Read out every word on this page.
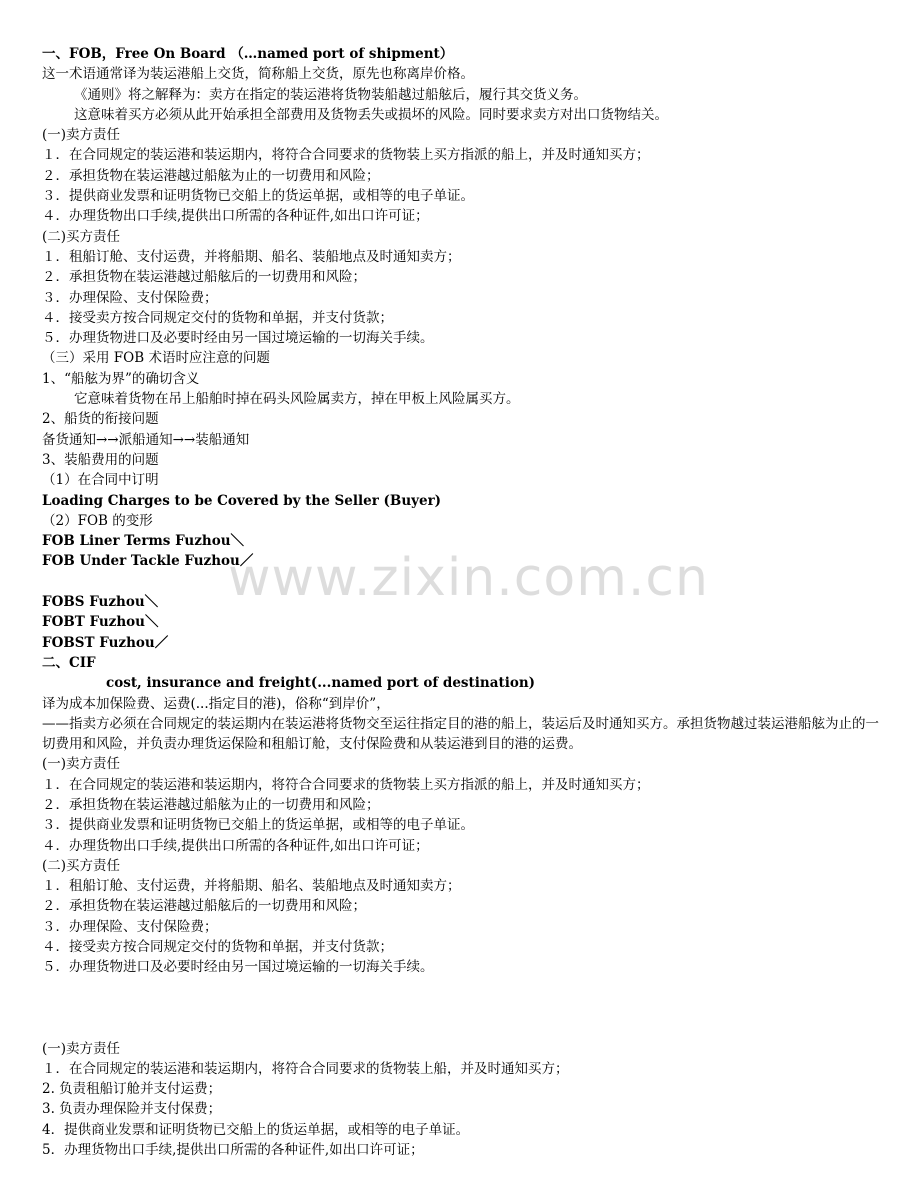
一、FOB，Free On Board （…named port of shipment）
这一术语通常译为装运港船上交货，简称船上交货，原先也称离岸价格。
《通则》将之解释为：卖方在指定的装运港将货物装船越过船舷后，履行其交货义务。
这意味着买方必须从此开始承担全部费用及货物丢失或损坏的风险。同时要求卖方对出口货物结关。
(一)卖方责任
１．在合同规定的装运港和装运期内，将符合合同要求的货物装上买方指派的船上，并及时通知买方；
２．承担货物在装运港越过船舷为止的一切费用和风险；
３．提供商业发票和证明货物已交船上的货运单据，或相等的电子单证。
４．办理货物出口手续,提供出口所需的各种证件,如出口许可证；
(二)买方责任
１．租船订舱、支付运费，并将船期、船名、装船地点及时通知卖方；
２．承担货物在装运港越过船舷后的一切费用和风险；
３．办理保险、支付保险费；
４．接受卖方按合同规定交付的货物和单据，并支付货款；
５．办理货物进口及必要时经由另一国过境运输的一切海关手续。
（三）采用 FOB 术语时应注意的问题
1、“船舷为界”的确切含义
它意味着货物在吊上船舶时掉在码头风险属卖方，掉在甲板上风险属买方。
2、船货的衔接问题
备货通知→→派船通知→→装船通知
3、装船费用的问题
（1）在合同中订明
Loading Charges to be Covered by the Seller (Buyer)
（2）FOB 的变形
FOB Liner Terms Fuzhou＼
FOB Under Tackle Fuzhou／
FOBS Fuzhou＼
FOBT Fuzhou＼
FOBST Fuzhou／
二、CIF
cost, insurance and freight(...named port of destination)
译为成本加保险费、运费(...指定目的港)，俗称“到岸价”，
——指卖方必须在合同规定的装运期内在装运港将货物交至运往指定目的港的船上，装运后及时通知买方。承担货物越过装运港船舷为止的一切费用和风险，并负责办理货运保险和租船订舱，支付保险费和从装运港到目的港的运费。
(一)卖方责任
１．在合同规定的装运港和装运期内，将符合合同要求的货物装上买方指派的船上，并及时通知买方；
２．承担货物在装运港越过船舷为止的一切费用和风险；
３．提供商业发票和证明货物已交船上的货运单据，或相等的电子单证。
４．办理货物出口手续,提供出口所需的各种证件,如出口许可证；
(二)买方责任
１．租船订舱、支付运费，并将船期、船名、装船地点及时通知卖方；
２．承担货物在装运港越过船舷后的一切费用和风险；
３．办理保险、支付保险费；
４．接受卖方按合同规定交付的货物和单据，并支付货款；
５．办理货物进口及必要时经由另一国过境运输的一切海关手续。
(一)卖方责任
１．在合同规定的装运港和装运期内，将符合合同要求的货物装上船，并及时通知买方；
2. 负责租船订舱并支付运费；
3. 负责办理保险并支付保费；
4．提供商业发票和证明货物已交船上的货运单据，或相等的电子单证。
5．办理货物出口手续,提供出口所需的各种证件,如出口许可证；
www.zixin.com.cn
